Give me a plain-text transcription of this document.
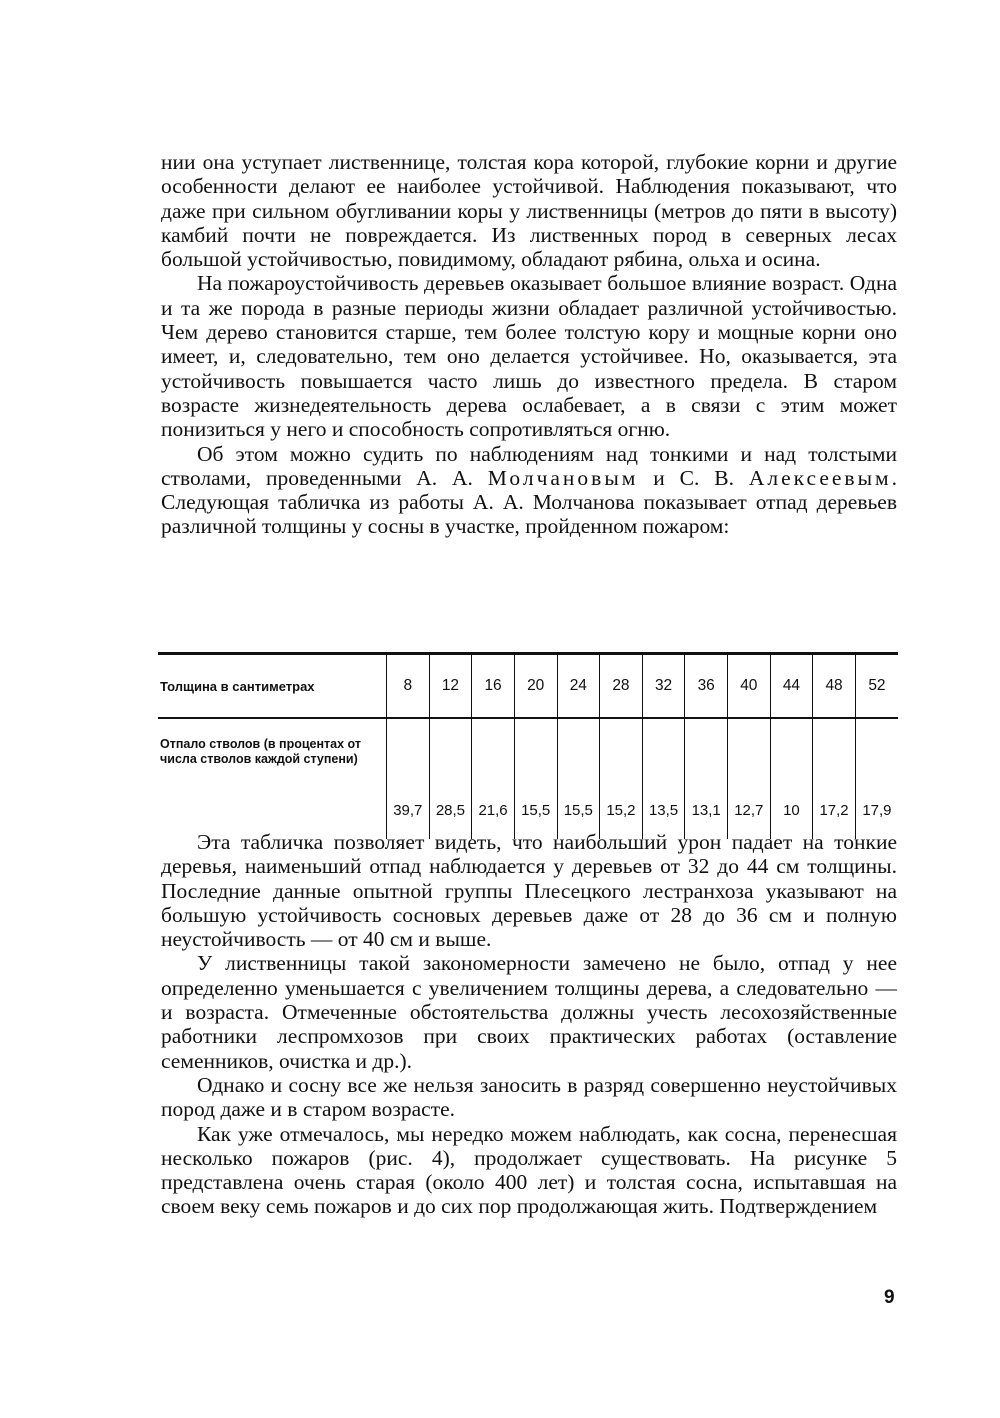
нии она уступает лиственнице, толстая кора которой, глубокие корни и другие особенности делают ее наиболее устойчивой. Наблюдения показывают, что даже при сильном обугливании коры у лиственницы (метров до пяти в высоту) камбий почти не повреждается. Из лиственных пород в северных лесах большой устойчивостью, повидимому, обладают рябина, ольха и осина.

На пожароустойчивость деревьев оказывает большое влияние возраст. Одна и та же порода в разные периоды жизни обладает различной устойчивостью. Чем дерево становится старше, тем более толстую кору и мощные корни оно имеет, и, следовательно, тем оно делается устойчивее. Но, оказывается, эта устойчивость повышается часто лишь до известного предела. В старом возрасте жизнедеятельность дерева ослабевает, а в связи с этим может понизиться у него и способность сопротивляться огню.

Об этом можно судить по наблюдениям над тонкими и над толстыми стволами, проведенными А. А. Молчановым и С. В. Алексеевым. Следующая табличка из работы А. А. Молчанова показывает отпад деревьев различной толщины у сосны в участке, пройденном пожаром:

Толщина в сантиметрах	8	12	16	20	24	28	32	36	40	44	48	52
Отпало стволов (в процентах от числа стволов каждой ступени)	39,7	28,5	21,6	15,5	15,5	15,2	13,5	13,1	12,7	10	17,2	17,9

Эта табличка позволяет видеть, что наибольший урон падает на тонкие деревья, наименьший отпад наблюдается у деревьев от 32 до 44 см толщины. Последние данные опытной группы Плесецкого лестранхоза указывают на большую устойчивость сосновых деревьев даже от 28 до 36 см и полную неустойчивость — от 40 см и выше.

У лиственницы такой закономерности замечено не было, отпад у нее определенно уменьшается с увеличением толщины дерева, а следовательно — и возраста. Отмеченные обстоятельства должны учесть лесохозяйственные работники леспромхозов при своих практических работах (оставление семенников, очистка и др.).

Однако и сосну все же нельзя заносить в разряд совершенно неустойчивых пород даже и в старом возрасте.

Как уже отмечалось, мы нередко можем наблюдать, как сосна, перенесшая несколько пожаров (рис. 4), продолжает существовать. На рисунке 5 представлена очень старая (около 400 лет) и толстая сосна, испытавшая на своем веку семь пожаров и до сих пор продолжающая жить. Подтверждением

9
